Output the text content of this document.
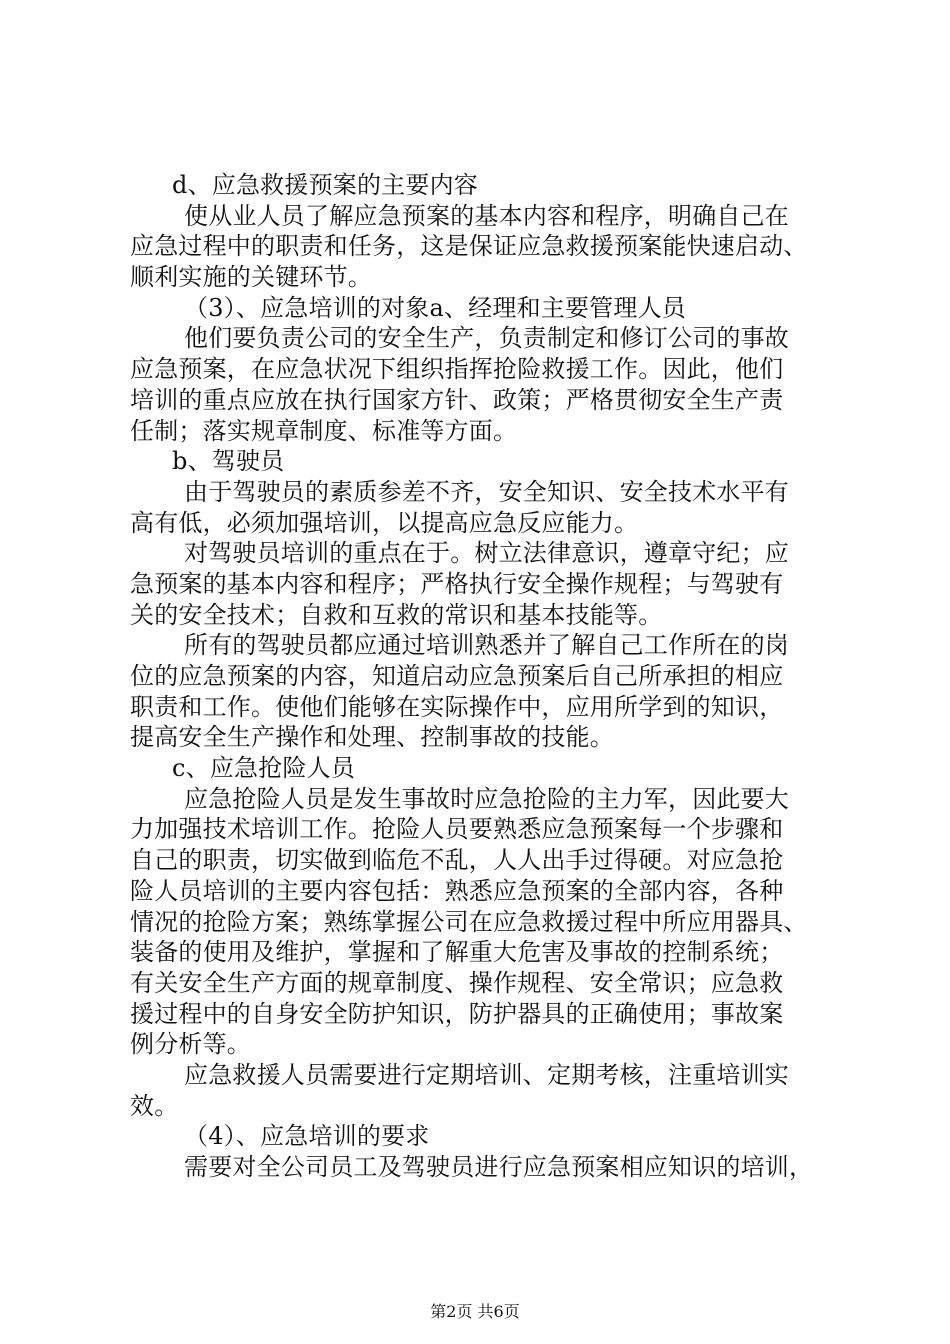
d、应急救援预案的主要内容
使从业人员了解应急预案的基本内容和程序，明确自己在
应急过程中的职责和任务，这是保证应急救援预案能快速启动、
顺利实施的关键环节。
（3）、应急培训的对象a、经理和主要管理人员
他们要负责公司的安全生产，负责制定和修订公司的事故
应急预案，在应急状况下组织指挥抢险救援工作。因此，他们
培训的重点应放在执行国家方针、政策；严格贯彻安全生产责
任制；落实规章制度、标准等方面。
b、驾驶员
由于驾驶员的素质参差不齐，安全知识、安全技术水平有
高有低，必须加强培训，以提高应急反应能力。
对驾驶员培训的重点在于。树立法律意识，遵章守纪；应
急预案的基本内容和程序；严格执行安全操作规程；与驾驶有
关的安全技术；自救和互救的常识和基本技能等。
所有的驾驶员都应通过培训熟悉并了解自己工作所在的岗
位的应急预案的内容，知道启动应急预案后自己所承担的相应
职责和工作。使他们能够在实际操作中，应用所学到的知识，
提高安全生产操作和处理、控制事故的技能。
c、应急抢险人员
应急抢险人员是发生事故时应急抢险的主力军，因此要大
力加强技术培训工作。抢险人员要熟悉应急预案每一个步骤和
自己的职责，切实做到临危不乱，人人出手过得硬。对应急抢
险人员培训的主要内容包括：熟悉应急预案的全部内容，各种
情况的抢险方案；熟练掌握公司在应急救援过程中所应用器具、
装备的使用及维护，掌握和了解重大危害及事故的控制系统；
有关安全生产方面的规章制度、操作规程、安全常识；应急救
援过程中的自身安全防护知识，防护器具的正确使用；事故案
例分析等。
应急救援人员需要进行定期培训、定期考核，注重培训实
效。
（4）、应急培训的要求
需要对全公司员工及驾驶员进行应急预案相应知识的培训，
第2页 共6页
